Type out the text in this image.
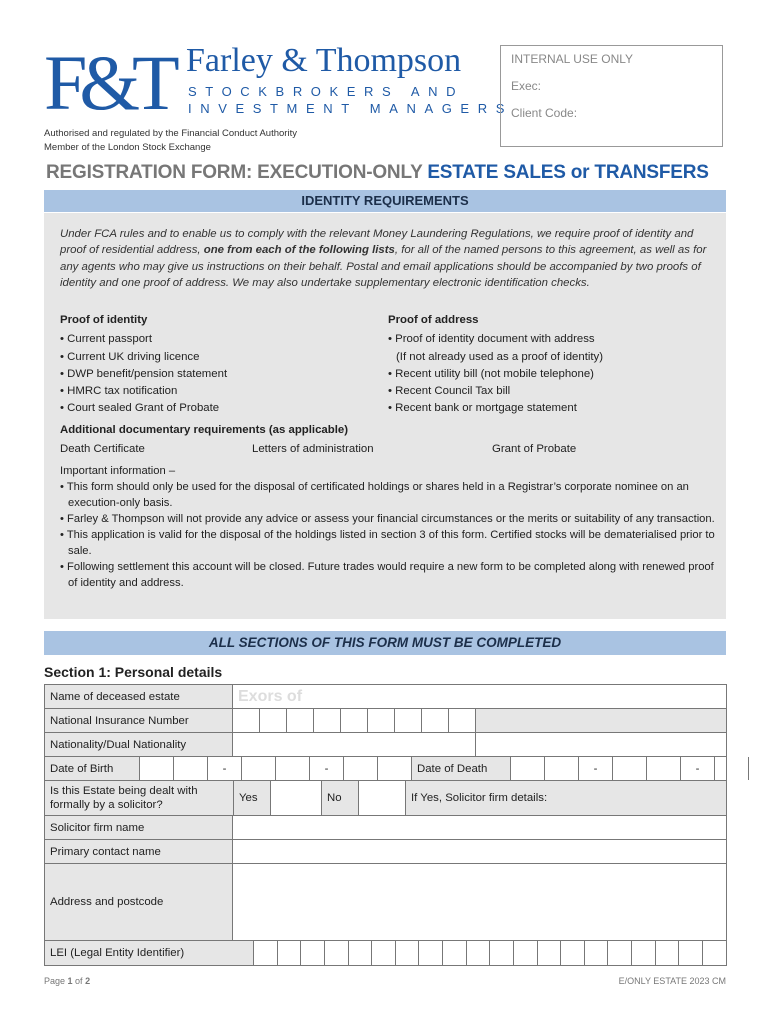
F&T Farley & Thompson
STOCKBROKERS AND
INVESTMENT MANAGERS
Authorised and regulated by the Financial Conduct Authority
Member of the London Stock Exchange
INTERNAL USE ONLY
Exec:
Client Code:
REGISTRATION FORM: EXECUTION-ONLY ESTATE SALES or TRANSFERS
IDENTITY REQUIREMENTS
Under FCA rules and to enable us to comply with the relevant Money Laundering Regulations, we require proof of identity and proof of residential address, one from each of the following lists, for all of the named persons to this agreement, as well as for any agents who may give us instructions on their behalf. Postal and email applications should be accompanied by two proofs of identity and one proof of address. We may also undertake supplementary electronic identification checks.
Proof of identity
• Current passport
• Current UK driving licence
• DWP benefit/pension statement
• HMRC tax notification
• Court sealed Grant of Probate
Proof of address
• Proof of identity document with address
(If not already used as a proof of identity)
• Recent utility bill (not mobile telephone)
• Recent Council Tax bill
• Recent bank or mortgage statement
Additional documentary requirements (as applicable)
Death Certificate	Letters of administration	Grant of Probate
Important information –
• This form should only be used for the disposal of certificated holdings or shares held in a Registrar’s corporate nominee on an execution-only basis.
• Farley & Thompson will not provide any advice or assess your financial circumstances or the merits or suitability of any transaction.
• This application is valid for the disposal of the holdings listed in section 3 of this form. Certified stocks will be dematerialised prior to sale.
• Following settlement this account will be closed. Future trades would require a new form to be completed along with renewed proof of identity and address.
ALL SECTIONS OF THIS FORM MUST BE COMPLETED
Section 1: Personal details
Name of deceased estate	Exors of
National Insurance Number										
Nationality/Dual Nationality		

Date of Birth			-			-			Date of Death			-			-		

Is this Estate being dealt with formally by a solicitor?	Yes		No		If Yes, Solicitor firm details:

Solicitor firm name	
Primary contact name	
Address and postcode	

LEI (Legal Entity Identifier)																				
Page 1 of 2	E/ONLY ESTATE 2023 CM
